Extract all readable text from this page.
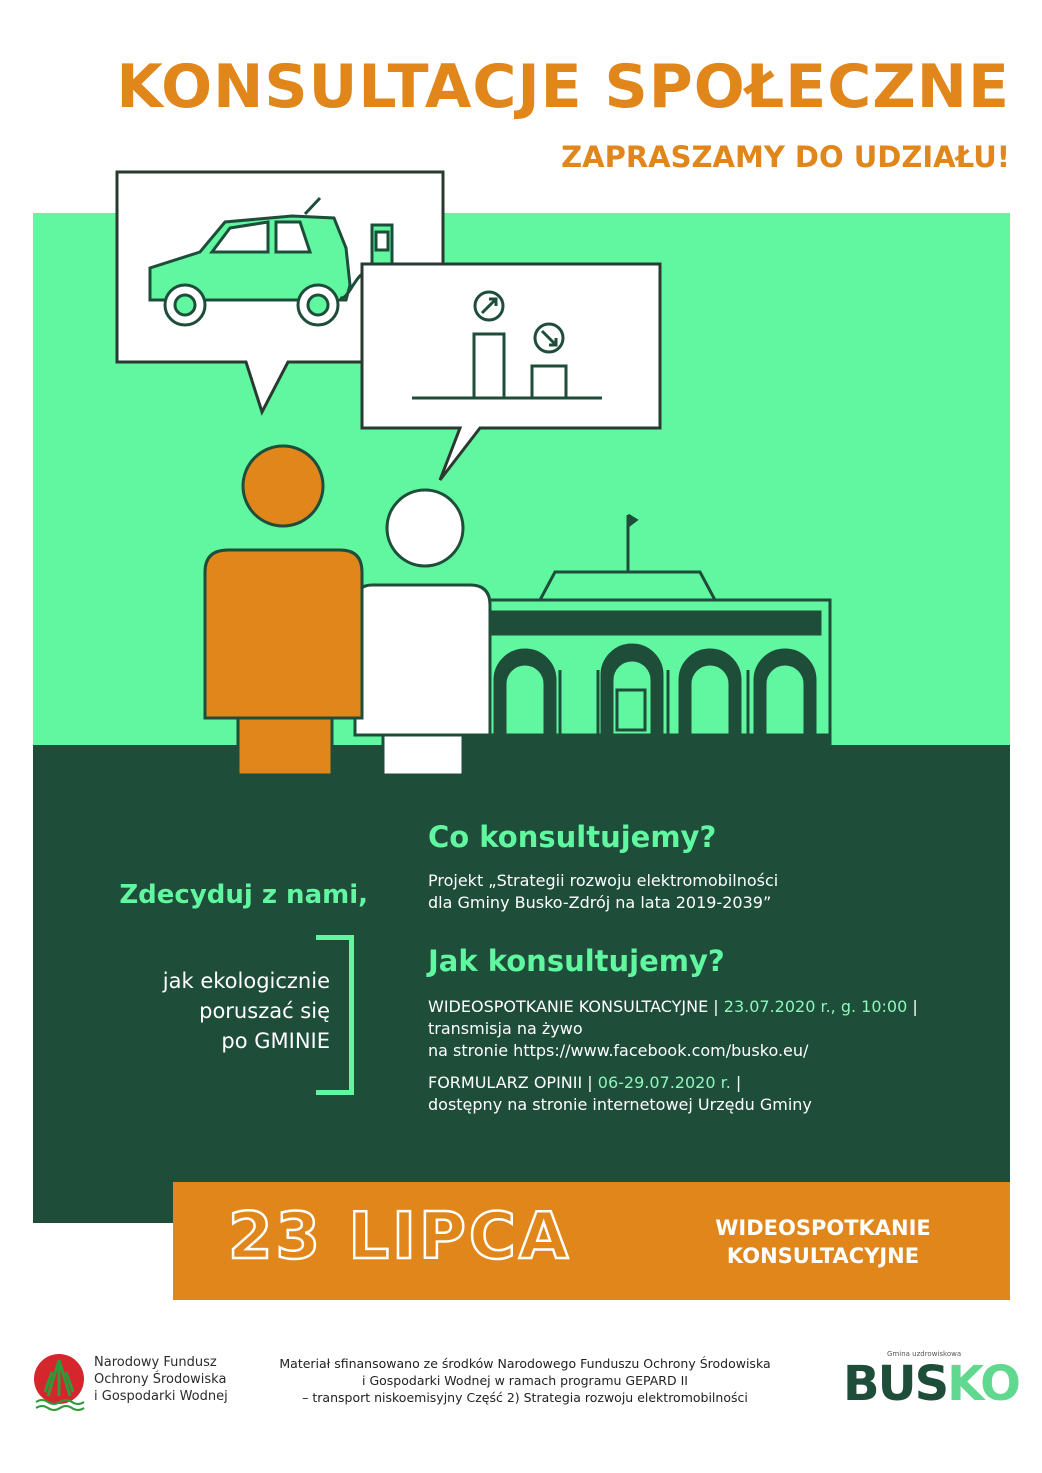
KONSULTACJE SPOŁECZNE
ZAPRASZAMY DO UDZIAŁU!
Zdecyduj z nami,
jak ekologicznie
poruszać się
po GMINIE
Co konsultujemy?
Projekt „Strategii rozwoju elektromobilności
dla Gminy Busko-Zdrój na lata 2019-2039”
Jak konsultujemy?
WIDEOSPOTKANIE KONSULTACYJNE | 23.07.2020 r., g. 10:00 |
transmisja na żywo
na stronie https://www.facebook.com/busko.eu/
FORMULARZ OPINII | 06-29.07.2020 r. |
dostępny na stronie internetowej Urzędu Gminy
23 LIPCA	WIDEOSPOTKANIE
KONSULTACYJNE
Narodowy Fundusz
Ochrony Środowiska
i Gospodarki Wodnej
Materiał sfinansowano ze środków Narodowego Funduszu Ochrony Środowiska
i Gospodarki Wodnej w ramach programu GEPARD II
– transport niskoemisyjny Część 2) Strategia rozwoju elektromobilności
Gmina uzdrowiskowa
BUSKO
